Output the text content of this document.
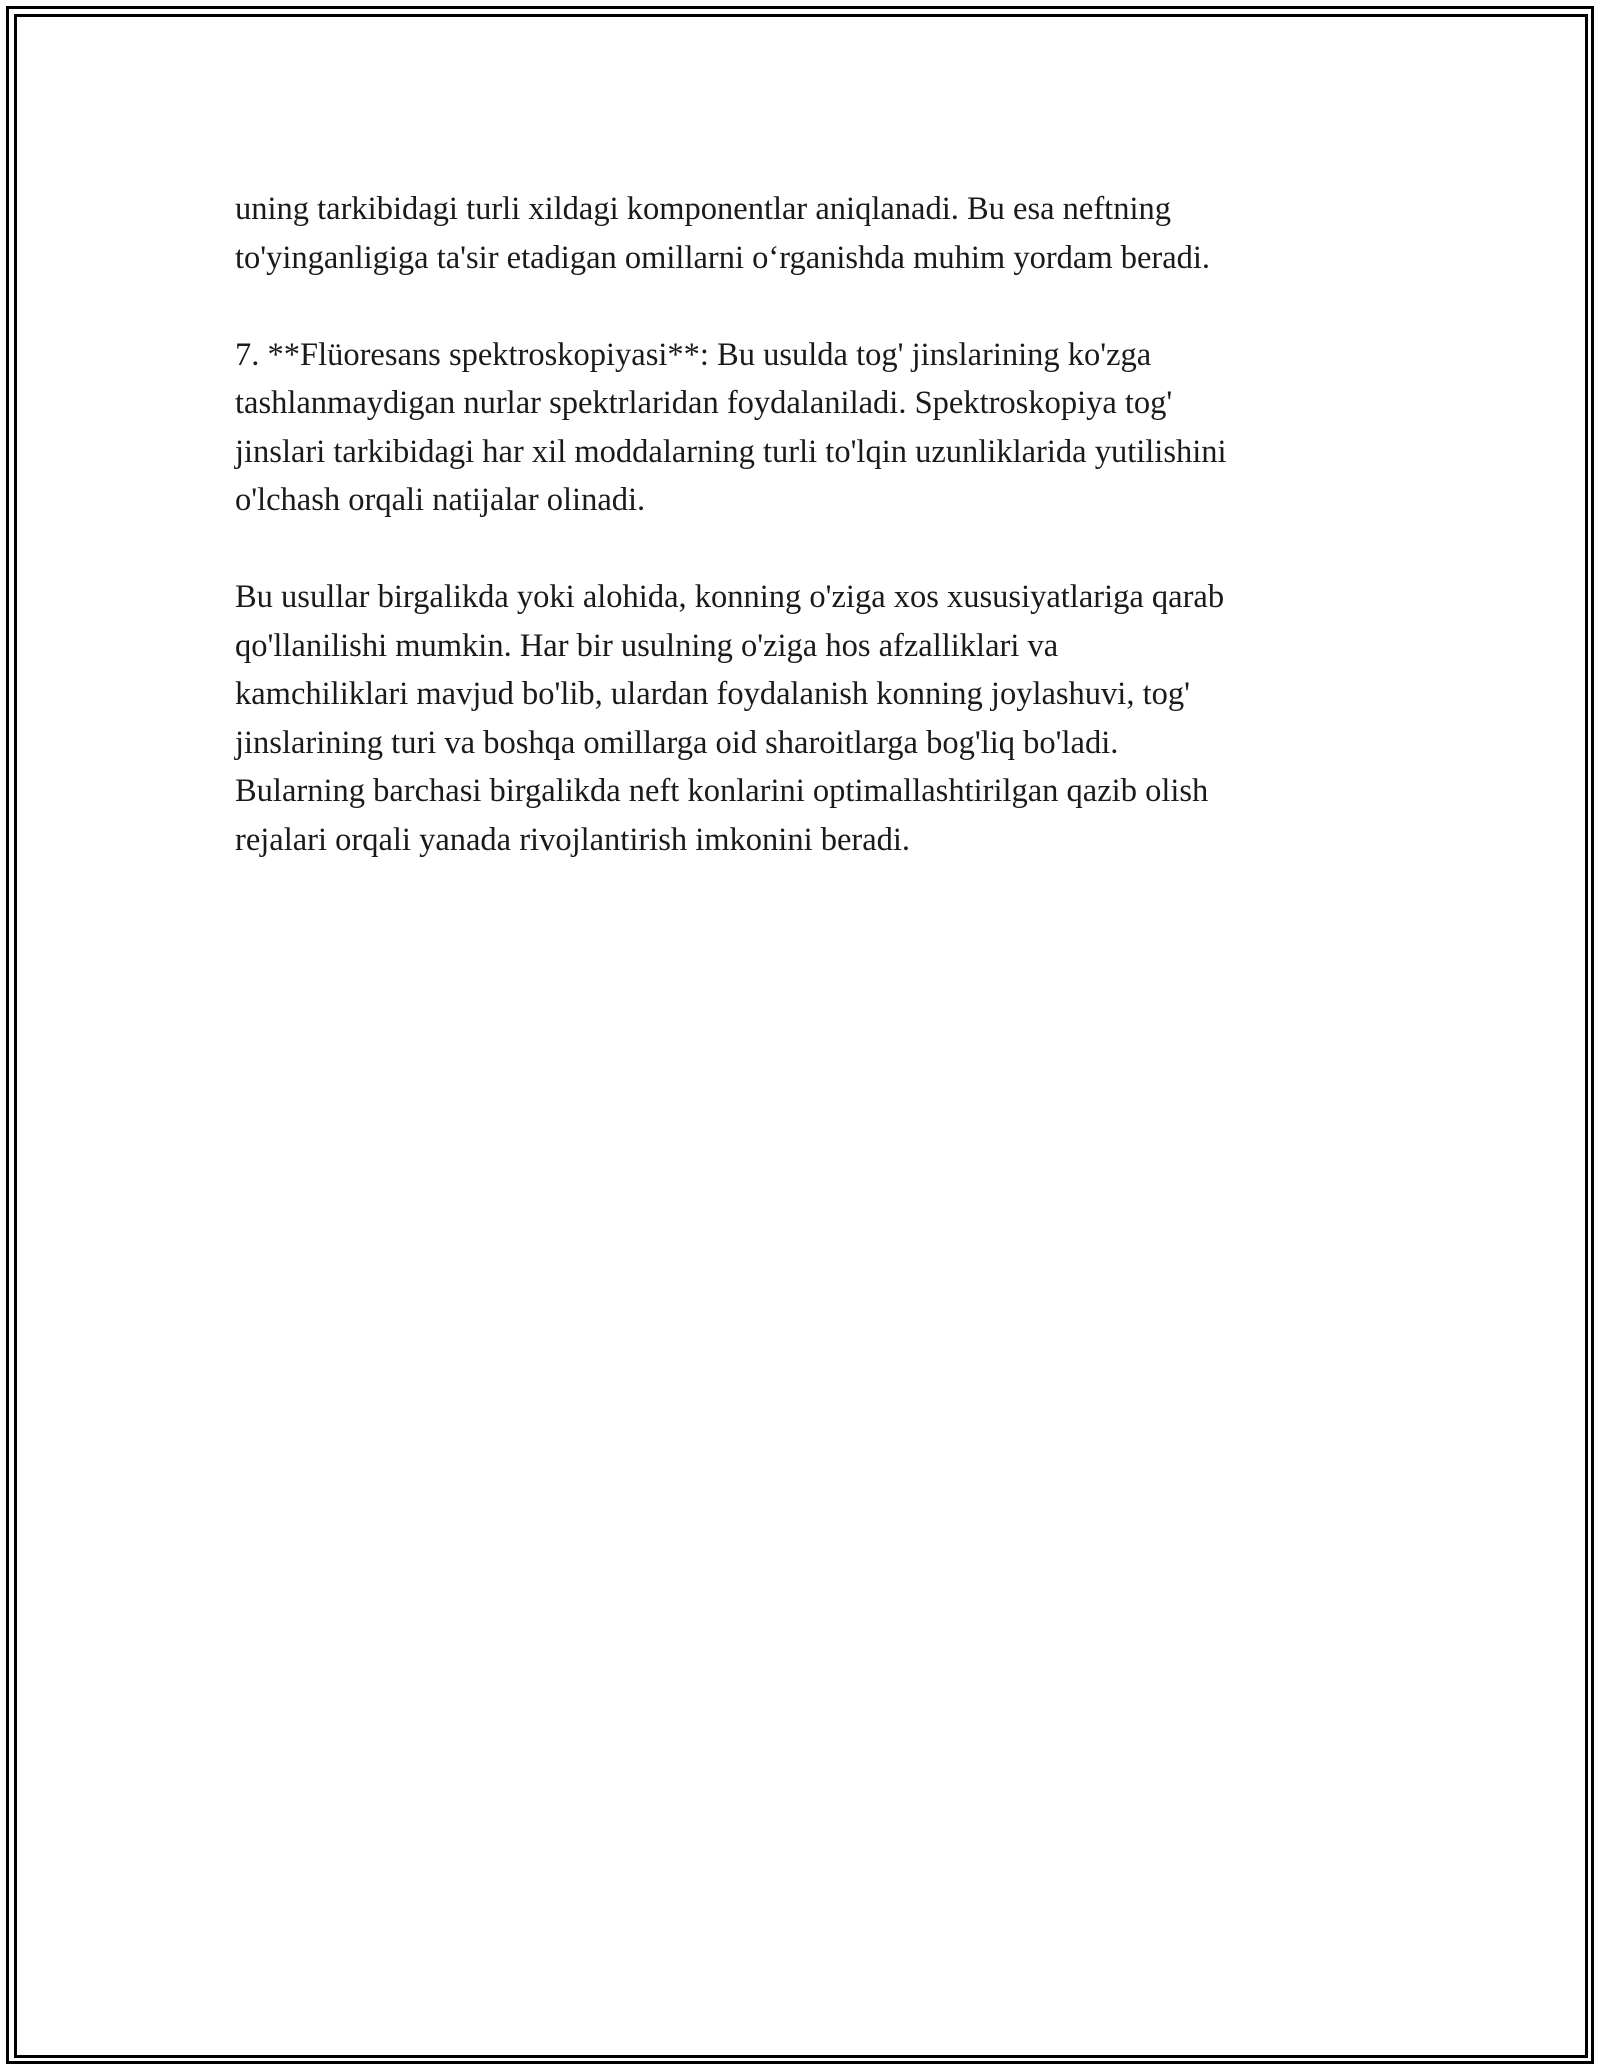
uning tarkibidagi turli xildagi komponentlar aniqlanadi. Bu esa neftning
to'yinganligiga ta'sir etadigan omillarni o‘rganishda muhim yordam beradi.

7. **Flüoresans spektroskopiyasi**: Bu usulda tog' jinslarining ko'zga
tashlanmaydigan nurlar spektrlaridan foydalaniladi. Spektroskopiya tog'
jinslari tarkibidagi har xil moddalarning turli to'lqin uzunliklarida yutilishini
o'lchash orqali natijalar olinadi.

Bu usullar birgalikda yoki alohida, konning o'ziga xos xususiyatlariga qarab
qo'llanilishi mumkin. Har bir usulning o'ziga hos afzalliklari va
kamchiliklari mavjud bo'lib, ulardan foydalanish konning joylashuvi, tog'
jinslarining turi va boshqa omillarga oid sharoitlarga bog'liq bo'ladi.
Bularning barchasi birgalikda neft konlarini optimallashtirilgan qazib olish
rejalari orqali yanada rivojlantirish imkonini beradi.
